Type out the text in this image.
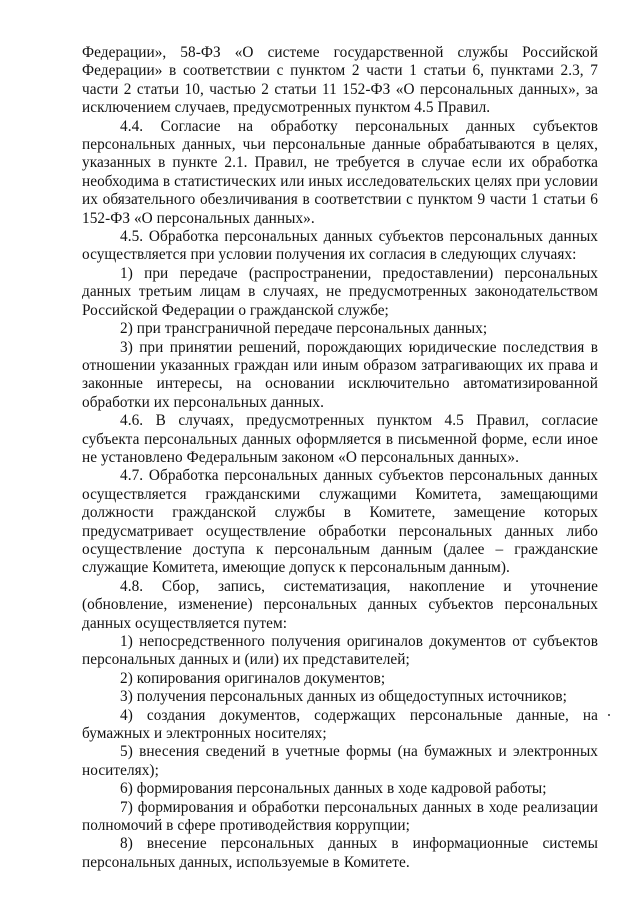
Федерации», 58-ФЗ «О системе государственной службы Российской Федерации» в соответствии с пунктом 2 части 1 статьи 6, пунктами 2.3, 7 части 2 статьи 10, частью 2 статьи 11 152-ФЗ «О персональных данных», за исключением случаев, предусмотренных пунктом 4.5 Правил.

4.4. Согласие на обработку персональных данных субъектов персональных данных, чьи персональные данные обрабатываются в целях, указанных в пункте 2.1. Правил, не требуется в случае если их обработка необходима в статистических или иных исследовательских целях при условии их обязательного обезличивания в соответствии с пунктом 9 части 1 статьи 6 152-ФЗ «О персональных данных».

4.5. Обработка персональных данных субъектов персональных данных осуществляется при условии получения их согласия в следующих случаях:

1) при передаче (распространении, предоставлении) персональных данных третьим лицам в случаях, не предусмотренных законодательством Российской Федерации о гражданской службе;

2) при трансграничной передаче персональных данных;

3) при принятии решений, порождающих юридические последствия в отношении указанных граждан или иным образом затрагивающих их права и законные интересы, на основании исключительно автоматизированной обработки их персональных данных.

4.6. В случаях, предусмотренных пунктом 4.5 Правил, согласие субъекта персональных данных оформляется в письменной форме, если иное не установлено Федеральным законом «О персональных данных».

4.7. Обработка персональных данных субъектов персональных данных осуществляется гражданскими служащими Комитета, замещающими должности гражданской службы в Комитете, замещение которых предусматривает осуществление обработки персональных данных либо осуществление доступа к персональным данным (далее – гражданские служащие Комитета, имеющие допуск к персональным данным).

4.8. Сбор, запись, систематизация, накопление и уточнение (обновление, изменение) персональных данных субъектов персональных данных осуществляется путем:

1) непосредственного получения оригиналов документов от субъектов персональных данных и (или) их представителей;

2) копирования оригиналов документов;

3) получения персональных данных из общедоступных источников;

4) создания документов, содержащих персональные данные, на бумажных и электронных носителях;

5) внесения сведений в учетные формы (на бумажных и электронных носителях);

6) формирования персональных данных в ходе кадровой работы;

7) формирования и обработки персональных данных в ходе реализации полномочий в сфере противодействия коррупции;

8) внесение персональных данных в информационные системы персональных данных, используемые в Комитете.
